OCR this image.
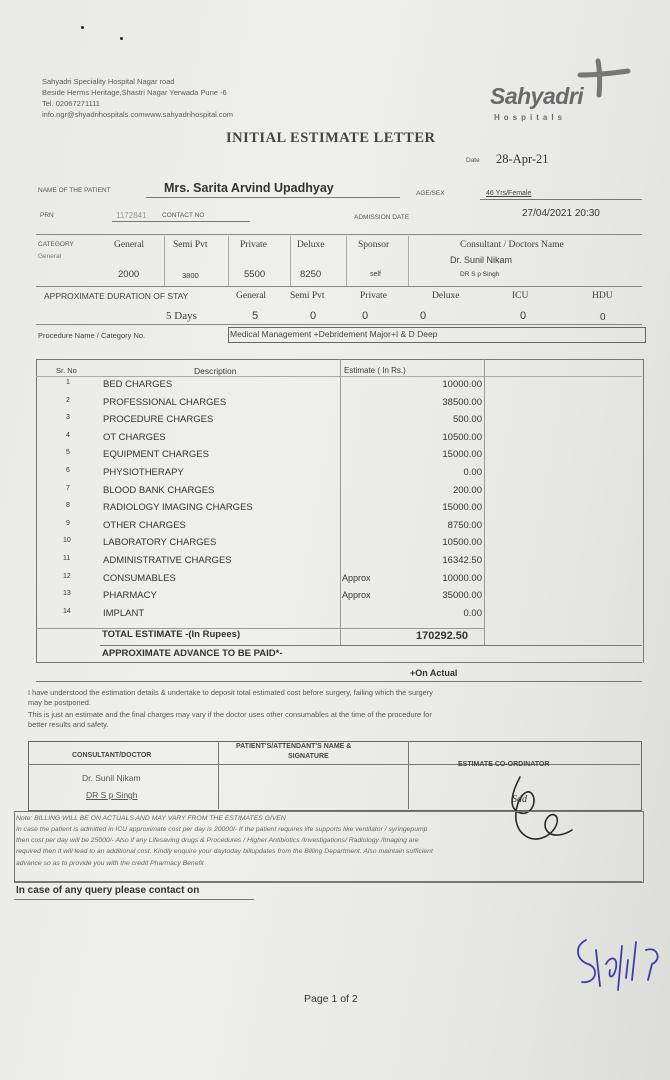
Sahyadri Speciality Hospital Nagar road
Beside Herms Heritage,Shastri Nagar Yerwada Pune -6
Tel. 02067271111
info.ngr@shyadrihospitals.comwww.sahyadrihospital.com
Sahyadri
Hospitals
INITIAL ESTIMATE LETTER
Date 28-Apr-21
NAME OF THE PATIENT	Mrs. Sarita Arvind Upadhyay	AGE/SEX	46 Yrs/Female
PRN	1172841 CONTACT NO	ADMISSION DATE	27/04/2021 20:30
CATEGORY
General
General	Semi Pvt	Private	Deluxe	Sponsor
2000	3800	5500	8250	self
Consultant / Doctors Name
Dr. Sunil Nikam
DR S p Singh
APPROXIMATE DURATION OF STAY	General	Semi Pvt	Private	Deluxe	ICU	HDU
5 Days	5	0	0	0	0	0
Procedure Name / Category No.	Medical Management +Debridement Major+I & D Deep
Sr. No	Description	Estimate ( In Rs.)
1	BED CHARGES	10000.00
2	PROFESSIONAL CHARGES	38500.00
3	PROCEDURE CHARGES	500.00
4	OT CHARGES	10500.00
5	EQUIPMENT CHARGES	15000.00
6	PHYSIOTHERAPY	0.00
7	BLOOD BANK CHARGES	200.00
8	RADIOLOGY IMAGING CHARGES	15000.00
9	OTHER CHARGES	8750.00
10	LABORATORY CHARGES	10500.00
11	ADMINISTRATIVE CHARGES	16342.50
12	CONSUMABLES	Approx	10000.00
13	PHARMACY	Approx	35000.00
14	IMPLANT	0.00
TOTAL ESTIMATE -(In Rupees)	170292.50
APPROXIMATE ADVANCE TO BE PAID*-
+On Actual
I have understood the estimation details & undertake to deposit total estimated cost before surgery, failing which the surgery
may be postponed.
This is just an estimate and the final charges may vary if the doctor uses other consumables at the time of the procedure for
better results and safety.
CONSULTANT/DOCTOR
PATIENT'S/ATTENDANT'S NAME &
SIGNATURE
ESTIMATE CO-ORDINATOR
Dr. Sunil Nikam
DR S p Singh	Sdd
Note: BILLING WILL BE ON ACTUALS AND MAY VARY FROM THE ESTIMATES GIVEN
In case the patient is admitted in ICU approximate cost per day is 20000/- If the patient requires life supports like ventilator / syringepump
then cost per day will be 25000/- Also if any Lifesaving drugs & Procedures / Higher Antibiotics /Investigations/ Radiology /Imaging are
required then it will lead to an additional cost. Kindly enquire your daytoday billupdates from the Billing Department. Also maintain sufficient
advance so as to provide you with the credit Pharmacy Benefit
In case of any query please contact on
Sushil P
Page 1 of 2
